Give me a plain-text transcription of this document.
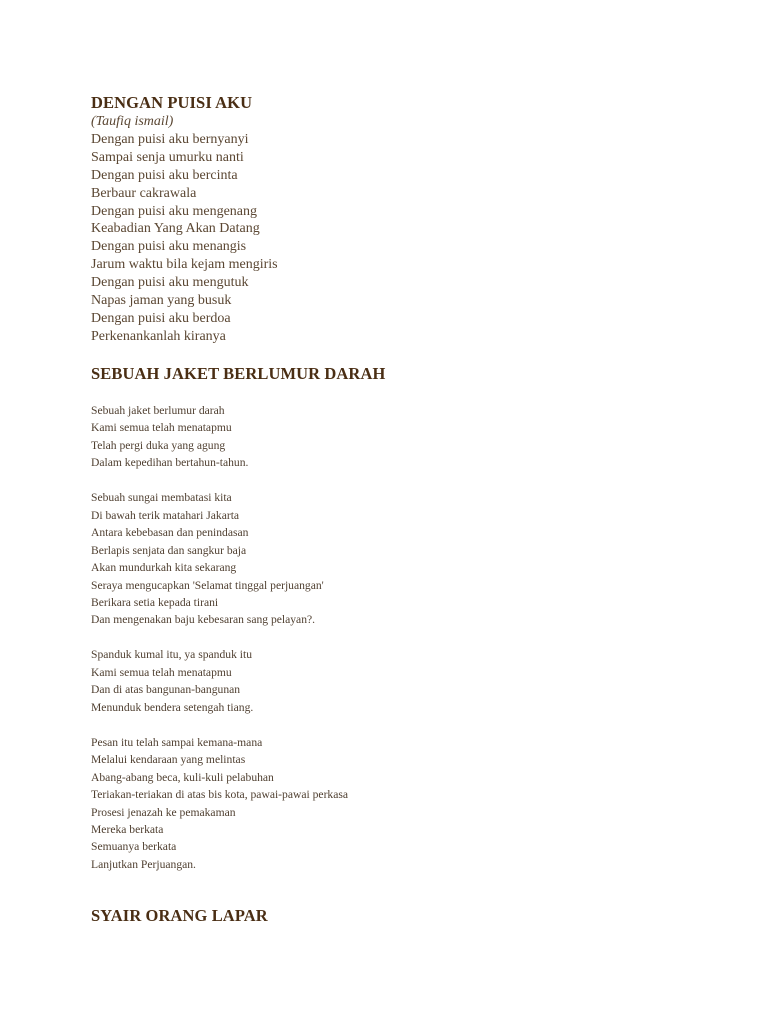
DENGAN PUISI AKU
(Taufiq ismail)
Dengan puisi aku bernyanyi
Sampai senja umurku nanti
Dengan puisi aku bercinta
Berbaur cakrawala
Dengan puisi aku mengenang
Keabadian Yang Akan Datang
Dengan puisi aku menangis
Jarum waktu bila kejam mengiris
Dengan puisi aku mengutuk
Napas jaman yang busuk
Dengan puisi aku berdoa
Perkenankanlah kiranya
SEBUAH JAKET BERLUMUR DARAH
Sebuah jaket berlumur darah
Kami semua telah menatapmu
Telah pergi duka yang agung
Dalam kepedihan bertahun-tahun.
Sebuah sungai membatasi kita
Di bawah terik matahari Jakarta
Antara kebebasan dan penindasan
Berlapis senjata dan sangkur baja
Akan mundurkah kita sekarang
Seraya mengucapkan 'Selamat tinggal perjuangan'
Berikara setia kepada tirani
Dan mengenakan baju kebesaran sang pelayan?.
Spanduk kumal itu, ya spanduk itu
Kami semua telah menatapmu
Dan di atas bangunan-bangunan
Menunduk bendera setengah tiang.
Pesan itu telah sampai kemana-mana
Melalui kendaraan yang melintas
Abang-abang beca, kuli-kuli pelabuhan
Teriakan-teriakan di atas bis kota, pawai-pawai perkasa
Prosesi jenazah ke pemakaman
Mereka berkata
Semuanya berkata
Lanjutkan Perjuangan.
SYAIR ORANG LAPAR
